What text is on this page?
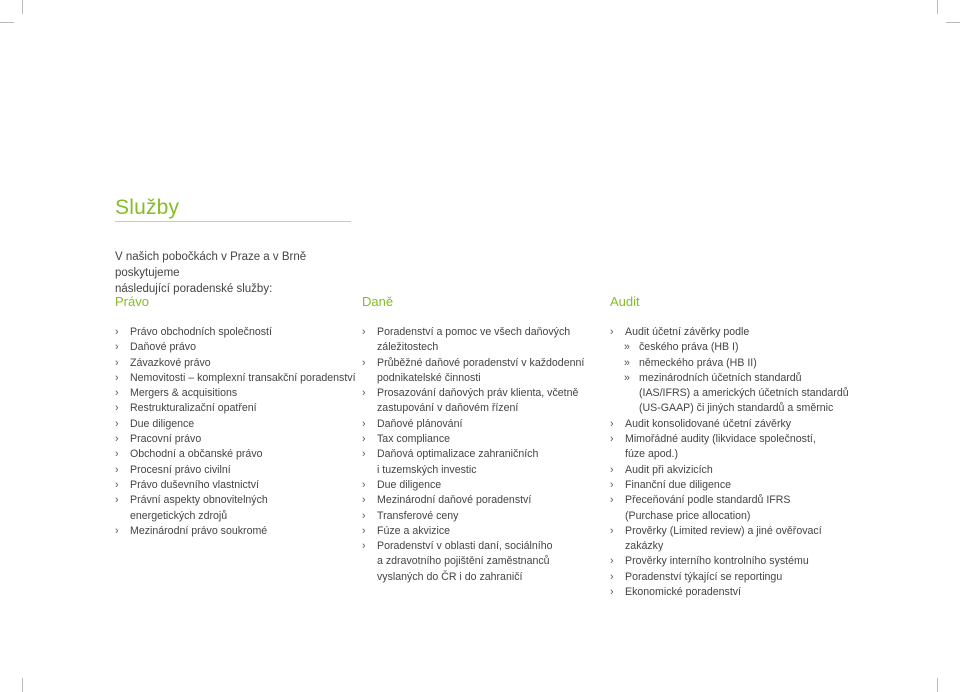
Služby
V našich pobočkách v Praze a v Brně poskytujeme
následující poradenské služby:
Právo	Daně	Audit
› Právo obchodních společností
› Daňové právo
› Závazkové právo
› Nemovitosti – komplexní transakční poradenství
› Mergers & acquisitions
› Restrukturalizační opatření
› Due diligence
› Pracovní právo
› Obchodní a občanské právo
› Procesní právo civilní
› Právo duševního vlastnictví
› Právní aspekty obnovitelných
energetických zdrojů
› Mezinárodní právo soukromé
› Poradenství a pomoc ve všech daňových
záležitostech
› Průběžné daňové poradenství v každodenní
podnikatelské činnosti
› Prosazování daňových práv klienta, včetně
zastupování v daňovém řízení
› Daňové plánování
› Tax compliance
› Daňová optimalizace zahraničních
i tuzemských investic
› Due diligence
› Mezinárodní daňové poradenství
› Transferové ceny
› Fúze a akvizice
› Poradenství v oblasti daní, sociálního
a zdravotního pojištění zaměstnanců
vyslaných do ČR i do zahraničí
› Audit účetní závěrky podle
» českého práva (HB I)
» německého práva (HB II)
» mezinárodních účetních standardů
(IAS/IFRS) a amerických účetních standardů
(US-GAAP) či jiných standardů a směrnic
› Audit konsolidované účetní závěrky
› Mimořádné audity (likvidace společností,
fúze apod.)
› Audit při akvizicích
› Finanční due diligence
› Přeceňování podle standardů IFRS
(Purchase price allocation)
› Prověrky (Limited review) a jiné ověřovací
zakázky
› Prověrky interního kontrolního systému
› Poradenství týkající se reportingu
› Ekonomické poradenství
